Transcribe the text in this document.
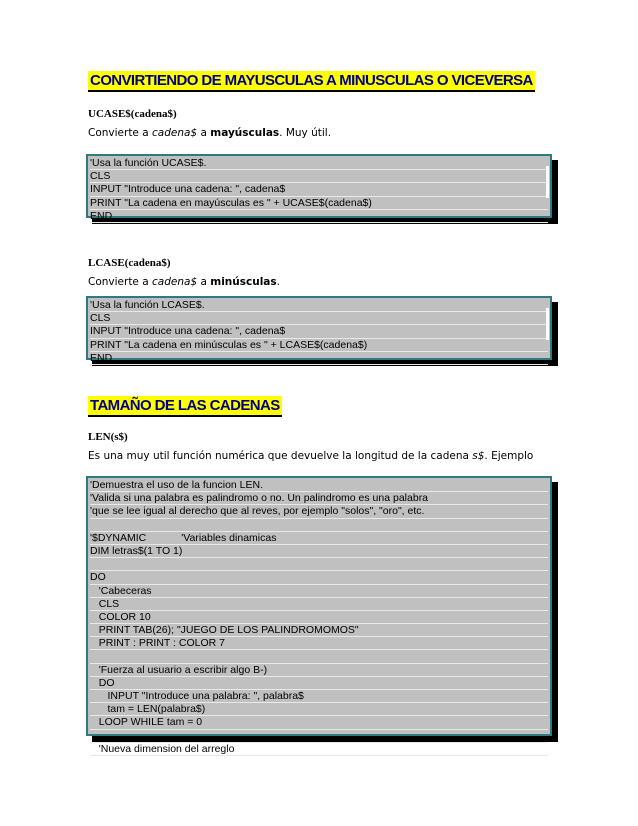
CONVIRTIENDO DE MAYUSCULAS A MINUSCULAS O VICEVERSA
UCASE$(cadena$)
Convierte a cadena$ a mayúsculas. Muy útil.
'Usa la función UCASE$.
CLS
INPUT "Introduce una cadena: ", cadena$
PRINT "La cadena en mayúsculas es " + UCASE$(cadena$)
END
LCASE(cadena$)
Convierte a cadena$ a minúsculas.
'Usa la función LCASE$.
CLS
INPUT "Introduce una cadena: ", cadena$
PRINT "La cadena en minúsculas es " + LCASE$(cadena$)
END
TAMAÑO DE LAS CADENAS
LEN(s$)
Es una muy util función numérica que devuelve la longitud de la cadena s$. Ejemplo
'Demuestra el uso de la funcion LEN.
'Valida si una palabra es palindromo o no. Un palindromo es una palabra
'que se lee igual al derecho que al reves, por ejemplo "solos", "oro", etc.
'$DYNAMIC            'Variables dinamicas
DIM letras$(1 TO 1)
DO
'Cabeceras
CLS
COLOR 10
PRINT TAB(26); "JUEGO DE LOS PALINDROMOMOS"
PRINT : PRINT : COLOR 7
'Fuerza al usuario a escribir algo B-)
DO
INPUT "Introduce una palabra: ", palabra$
tam = LEN(palabra$)
LOOP WHILE tam = 0
'Nueva dimension del arreglo
